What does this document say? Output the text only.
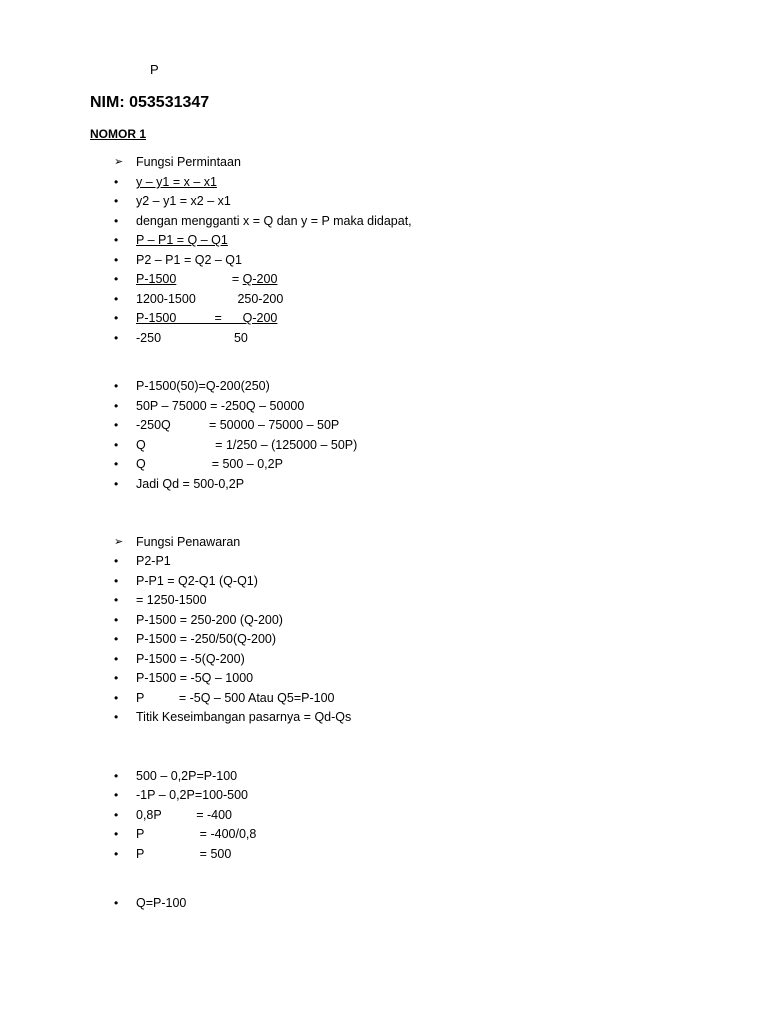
P
NIM: 053531347
NOMOR 1
➢	Fungsi Permintaan
•	y – y1 = x – x1
•	y2 – y1 = x2 – x1
•	dengan mengganti x = Q dan y = P maka didapat,
•	P – P1 = Q – Q1
•	P2 – P1 = Q2 – Q1
•	P-1500                = Q-200
•	1200-1500            250-200
•	P-1500           =      Q-200
•	-250                     50
•	P-1500(50)=Q-200(250)
•	50P – 75000 = -250Q – 50000
•	-250Q           = 50000 – 75000 – 50P
•	Q                    = 1/250 – (125000 – 50P)
•	Q                   = 500 – 0,2P
•	Jadi Qd = 500-0,2P
➢	Fungsi Penawaran
•	P2-P1
•	P-P1 = Q2-Q1 (Q-Q1)
•	= 1250-1500
•	P-1500 = 250-200 (Q-200)
•	P-1500 = -250/50(Q-200)
•	P-1500 = -5(Q-200)
•	P-1500 = -5Q – 1000
•	P          = -5Q – 500 Atau Q5=P-100
•	Titik Keseimbangan pasarnya = Qd-Qs
•	500 – 0,2P=P-100
•	-1P – 0,2P=100-500
•	0,8P          = -400
•	P                = -400/0,8
•	P                = 500
•	Q=P-100
